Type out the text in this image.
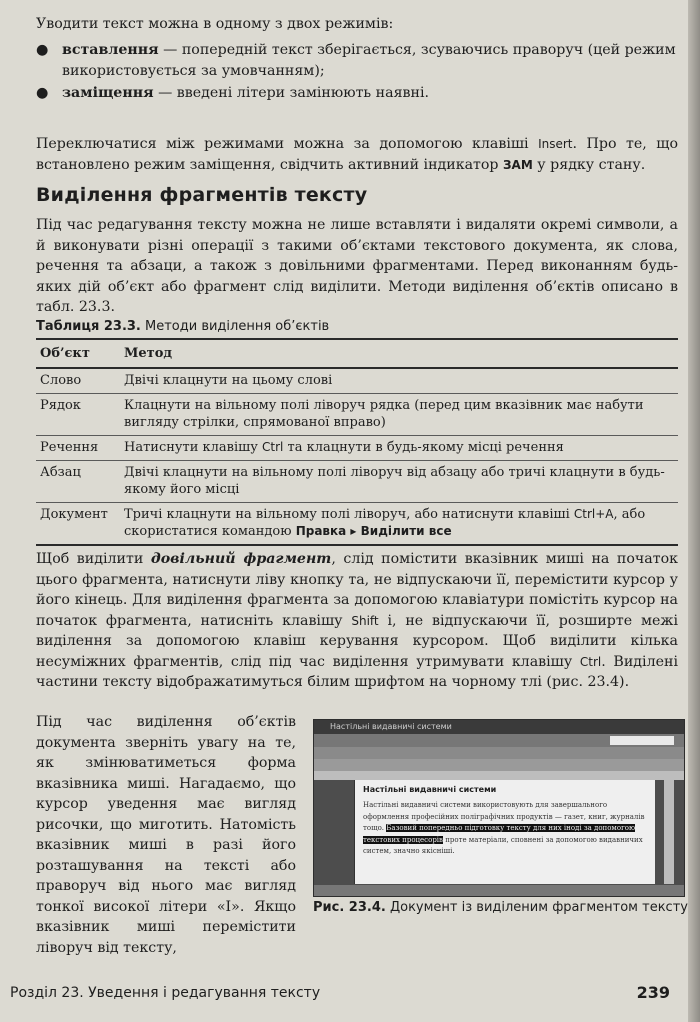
Уводити текст можна в одному з двох режимів:
● вставлення — попередній текст зберігається, зсуваючись праворуч (цей режим використовується за умовчанням);
● заміщення — введені літери замінюють наявні.
Переключатися між режимами можна за допомогою клавіші Insert. Про те, що встановлено режим заміщення, свідчить активний індикатор ЗАМ у рядку стану.
Виділення фрагментів тексту
Під час редагування тексту можна не лише вставляти і видаляти окремі символи, а й виконувати різні операції з такими об’єктами текстового документа, як слова, речення та абзаци, а також з довільними фрагментами. Перед виконанням будь-яких дій об’єкт або фрагмент слід виділити. Методи виділення об’єктів описано в табл. 23.3.
Таблиця 23.3. Методи виділення об’єктів
Об’єкт	Метод
Слово	Двічі клацнути на цьому слові
Рядок	Клацнути на вільному полі ліворуч рядка (перед цим вказівник має набути вигляду стрілки, спрямованої вправо)
Речення	Натиснути клавішу Ctrl та клацнути в будь-якому місці речення
Абзац	Двічі клацнути на вільному полі ліворуч від абзацу або тричі клацнути в будь-якому його місці
Документ	Тричі клацнути на вільному полі ліворуч, або натиснути клавіші Ctrl+A, або скористатися командою Правка ▸ Виділити все
Щоб виділити довільний фрагмент, слід помістити вказівник миші на початок цього фрагмента, натиснути ліву кнопку та, не відпускаючи її, перемістити курсор у його кінець. Для виділення фрагмента за допомогою клавіатури помістіть курсор на початок фрагмента, натисніть клавішу Shift і, не відпускаючи її, розширте межі виділення за допомогою клавіш керування курсором. Щоб виділити кілька несуміжних фрагментів, слід під час виділення утримувати клавішу Ctrl. Виділені частини тексту відображатимуться білим шрифтом на чорному тлі (рис. 23.4).
Під час виділення об’єктів документа зверніть увагу на те, як змінюватиметься форма вказівника миші. Нагадаємо, що курсор уведення має вигляд рисочки, що миготить. Натомість вказівник миші в разі його розташування на тексті або праворуч від нього має вигляд тонкої високої літери «І». Якщо вказівник миші перемістити ліворуч від тексту,
Настільні видавничі системи
Настільні видавничі системи
Настільні видавничі системи використовують для завершального оформлення професійних поліграфічних продуктів — газет, книг, журналів тощо. Базовий попередньо підготовку тексту для них іноді за допомогою текстових процесорів проте матеріали, сповнені за допомогою видавничих систем, значно якісніші.
Рис. 23.4. Документ із виділеним фрагментом тексту
Розділ 23. Уведення і редагування тексту	239
